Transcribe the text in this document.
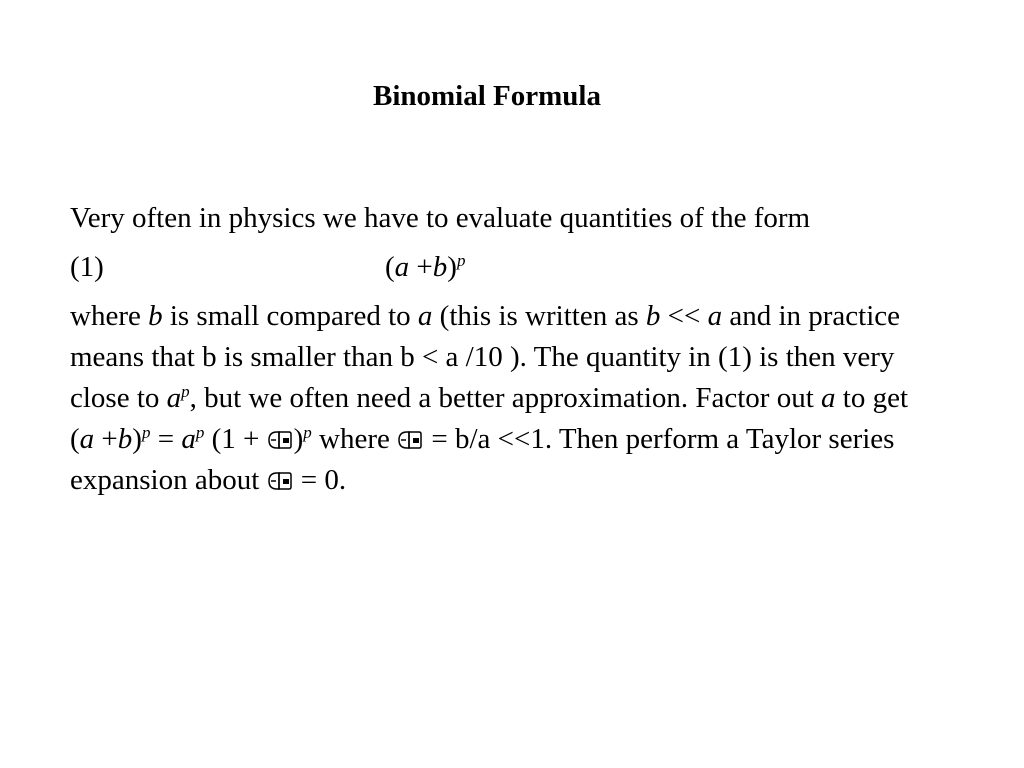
Binomial Formula

Very often in physics we have to evaluate quantities of the form

(1)	$(a +b)^p$

where b is small compared to a (this is written as b << a and in practice means that b is smaller than b < a /10 ). The quantity in (1) is then very close to $a^p$, but we often need a better approximation. Factor out a to get $(a +b)^p = a^p$ (1 +
)$^p$ where
= b/a <<1. Then perform a Taylor series expansion about
= 0.
